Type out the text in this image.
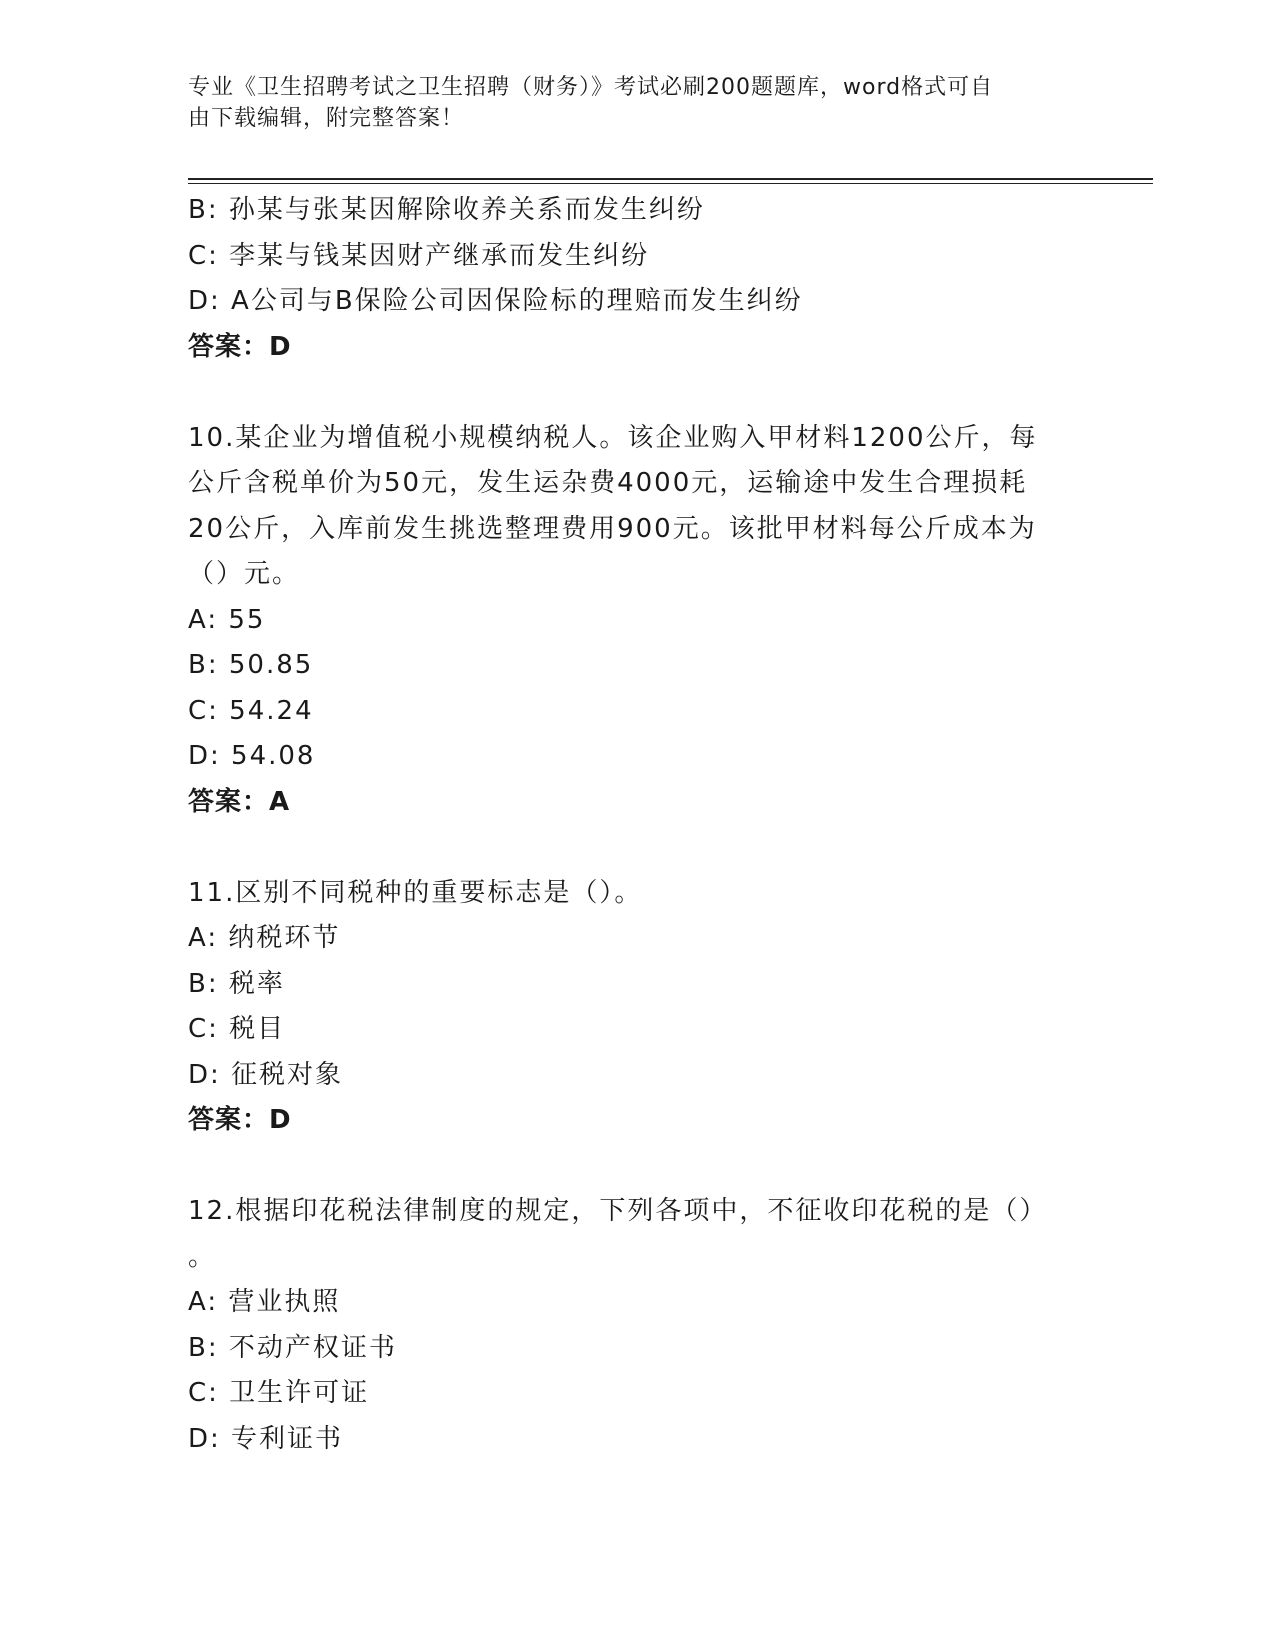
专业《卫生招聘考试之卫生招聘（财务）》考试必刷200题题库，word格式可自
由下载编辑，附完整答案！
B: 孙某与张某因解除收养关系而发生纠纷
C: 李某与钱某因财产继承而发生纠纷
D: A公司与B保险公司因保险标的理赔而发生纠纷
答案：D
10.某企业为增值税小规模纳税人。该企业购入甲材料1200公斤，每
公斤含税单价为50元，发生运杂费4000元，运输途中发生合理损耗
20公斤，入库前发生挑选整理费用900元。该批甲材料每公斤成本为
（）元。
A: 55
B: 50.85
C: 54.24
D: 54.08
答案：A
11.区别不同税种的重要标志是（）。
A: 纳税环节
B: 税率
C: 税目
D: 征税对象
答案：D
12.根据印花税法律制度的规定，下列各项中，不征收印花税的是（）
。
A: 营业执照
B: 不动产权证书
C: 卫生许可证
D: 专利证书
